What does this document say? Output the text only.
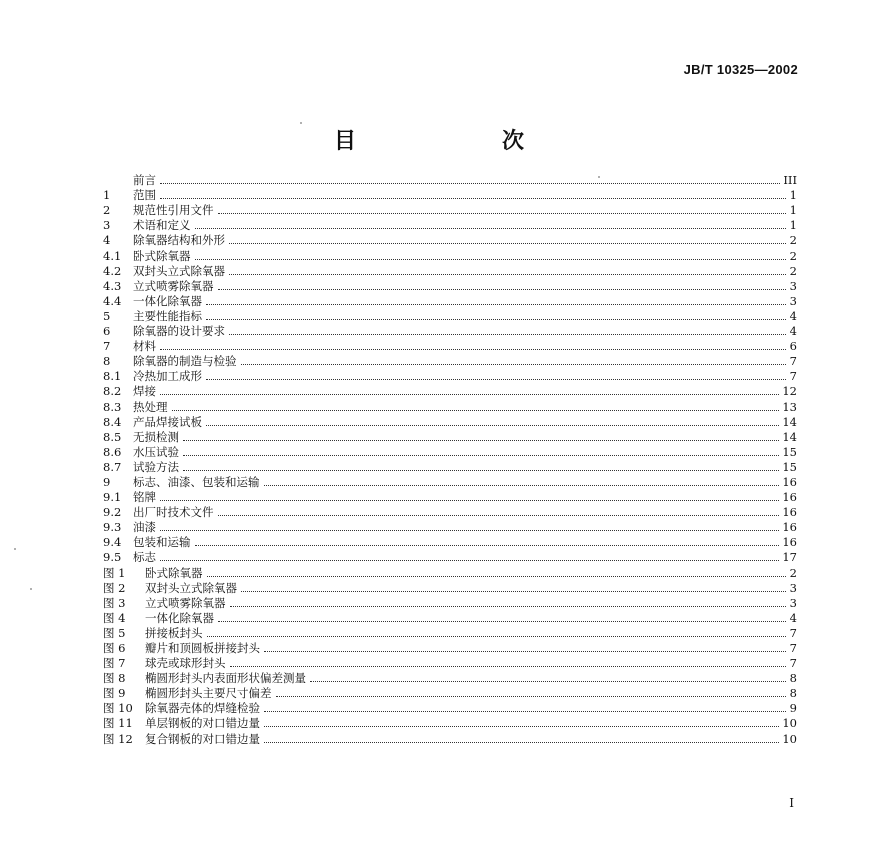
JB/T 10325—2002
目　次
前言	III
1	范围	1
2	规范性引用文件	1
3	术语和定义	1
4	除氧器结构和外形	2
4.1	卧式除氧器	2
4.2	双封头立式除氧器	2
4.3	立式喷雾除氧器	3
4.4	一体化除氧器	3
5	主要性能指标	4
6	除氧器的设计要求	4
7	材料	6
8	除氧器的制造与检验	7
8.1	冷热加工成形	7
8.2	焊接	12
8.3	热处理	13
8.4	产品焊接试板	14
8.5	无损检测	14
8.6	水压试验	15
8.7	试验方法	15
9	标志、油漆、包装和运输	16
9.1	铭牌	16
9.2	出厂时技术文件	16
9.3	油漆	16
9.4	包装和运输	16
9.5	标志	17
图 1	卧式除氧器	2
图 2	双封头立式除氧器	3
图 3	立式喷雾除氧器	3
图 4	一体化除氧器	4
图 5	拼接板封头	7
图 6	瓣片和顶圆板拼接封头	7
图 7	球壳或球形封头	7
图 8	椭圆形封头内表面形状偏差测量	8
图 9	椭圆形封头主要尺寸偏差	8
图 10	除氧器壳体的焊缝检验	9
图 11	单层钢板的对口错边量	10
图 12	复合钢板的对口错边量	10
I
